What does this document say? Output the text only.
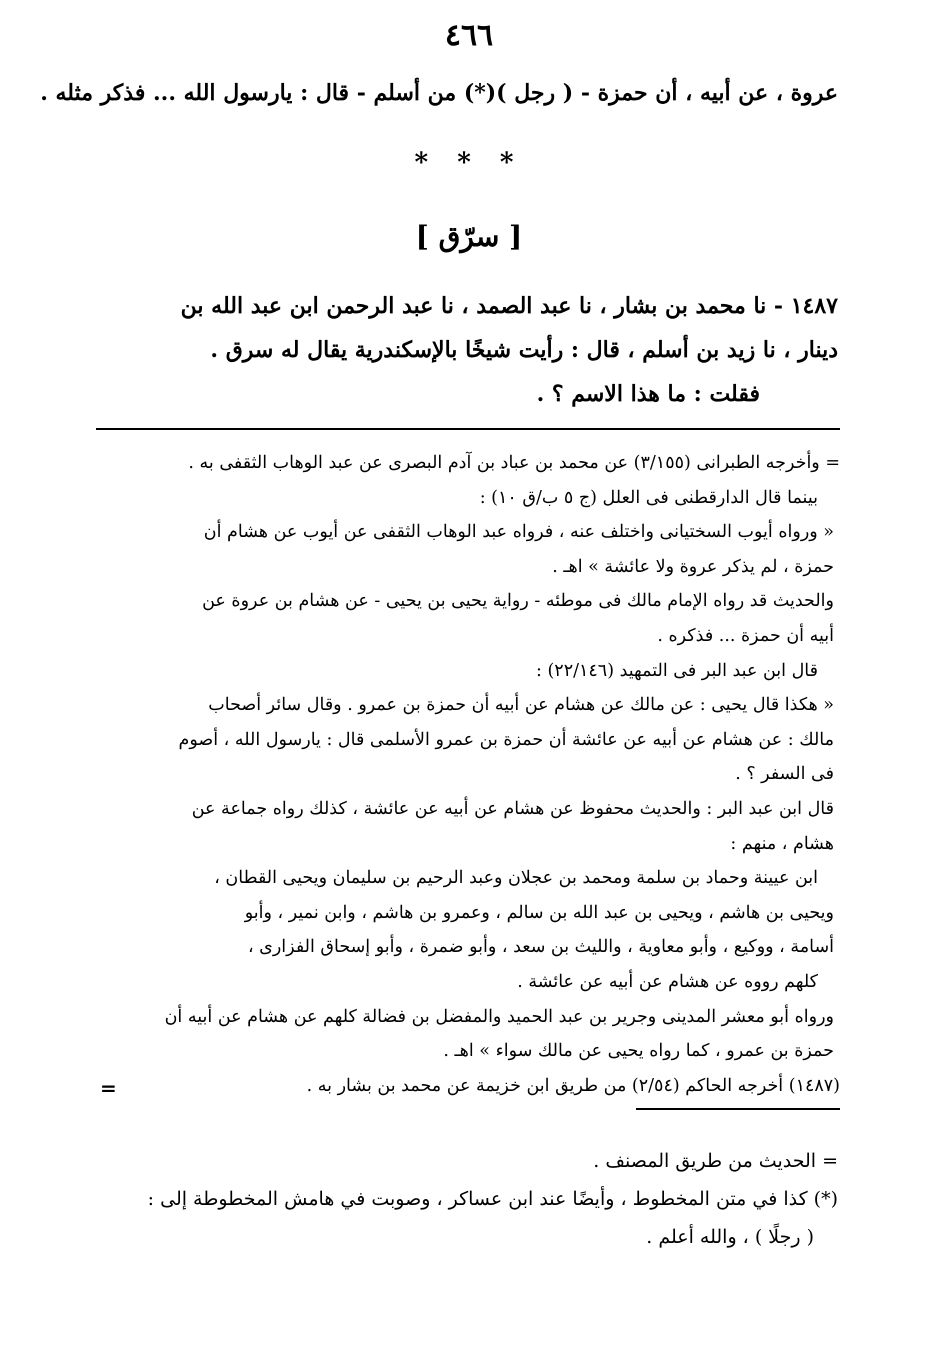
٤٦٦
عروة ، عن أبيه ، أن حمزة - ( رجل )(*) من أسلم - قال : يارسول الله ... فذكر مثله .
* * *
[ سرّق ]

١٤٨٧ - نا محمد بن بشار ، نا عبد الصمد ، نا عبد الرحمن ابن عبد الله بن

دينار ، نا زيد بن أسلم ، قال : رأيت شيخًا بالإسكندرية يقال له سرق .

فقلت : ما هذا الاسم ؟ .

= وأخرجه الطبرانى (٣/١٥٥) عن محمد بن عباد بن آدم البصرى عن عبد الوهاب الثقفى به .

بينما قال الدارقطنى فى العلل (ج ٥ ب/ق ١٠) :

« ورواه أيوب السختيانى واختلف عنه ، فرواه عبد الوهاب الثقفى عن أيوب عن هشام أن

حمزة ، لم يذكر عروة ولا عائشة » اهـ .

والحديث قد رواه الإمام مالك فى موطئه - رواية يحيى بن يحيى - عن هشام بن عروة عن

أبيه أن حمزة ... فذكره .

قال ابن عبد البر فى التمهيد (٢٢/١٤٦) :

« هكذا قال يحيى : عن مالك عن هشام عن أبيه أن حمزة بن عمرو . وقال سائر أصحاب

مالك : عن هشام عن أبيه عن عائشة أن حمزة بن عمرو الأسلمى قال : يارسول الله ، أصوم

فى السفر ؟ .

قال ابن عبد البر : والحديث محفوظ عن هشام عن أبيه عن عائشة ، كذلك رواه جماعة عن

هشام ، منهم :

ابن عيينة وحماد بن سلمة ومحمد بن عجلان وعبد الرحيم بن سليمان ويحيى القطان ،

ويحيى بن هاشم ، ويحيى بن عبد الله بن سالم ، وعمرو بن هاشم ، وابن نمير ، وأبو

أسامة ، ووكيع ، وأبو معاوية ، والليث بن سعد ، وأبو ضمرة ، وأبو إسحاق الفزارى ،

كلهم رووه عن هشام عن أبيه عن عائشة .

ورواه أبو معشر المدينى وجرير بن عبد الحميد والمفضل بن فضالة كلهم عن هشام عن أبيه أن

حمزة بن عمرو ، كما رواه يحيى عن مالك سواء » اهـ .

(١٤٨٧) أخرجه الحاكم (٢/٥٤) من طريق ابن خزيمة عن محمد بن بشار به .

=

= الحديث من طريق المصنف .

(*) كذا في متن المخطوط ، وأيضًا عند ابن عساكر ، وصوبت في هامش المخطوطة إلى :

( رجلًا ) ، والله أعلم .
